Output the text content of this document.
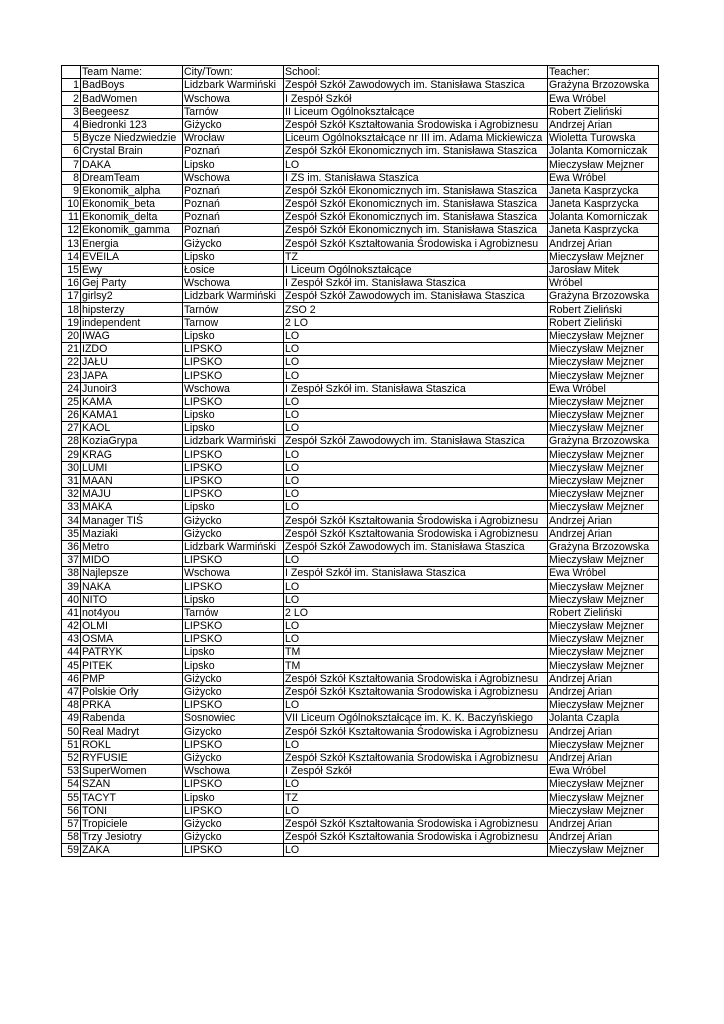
	Team Name:	City/Town:	School:	Teacher:
1	BadBoys	Lidzbark Warmiński	Zespół Szkół Zawodowych im. Stanisława Staszica	Grażyna Brzozowska
2	BadWomen	Wschowa	I Zespół Szkół	Ewa Wróbel
3	Beegeesz	Tarnów	II Liceum Ogólnokształcące	Robert Zieliński
4	Biedronki 123	Giżycko	Zespół Szkół Kształtowania Środowiska i Agrobiznesu	Andrzej Arian
5	Bycze Niedzwiedzie	Wrocław	Liceum Ogólnokształcące nr III im. Adama Mickiewicza	Wioletta Turowska
6	Crystal Brain	Poznań	Zespół Szkół Ekonomicznych im. Stanisława Staszica	Jolanta Komorniczak
7	DAKA	Lipsko	LO	Mieczysław Mejzner
8	DreamTeam	Wschowa	I ZS im. Stanisława Staszica	Ewa Wróbel
9	Ekonomik_alpha	Poznań	Zespół Szkół Ekonomicznych im. Stanisława Staszica	Janeta Kasprzycka
10	Ekonomik_beta	Poznań	Zespół Szkół Ekonomicznych im. Stanisława Staszica	Janeta Kasprzycka
11	Ekonomik_delta	Poznań	Zespół Szkół Ekonomicznych im. Stanisława Staszica	Jolanta Komorniczak
12	Ekonomik_gamma	Poznań	Zespół Szkół Ekonomicznych im. Stanisława Staszica	Janeta Kasprzycka
13	Energia	Giżycko	Zespół Szkół Kształtowania Środowiska i Agrobiznesu	Andrzej Arian
14	EVEILA	Lipsko	TZ	Mieczysław Mejzner
15	Ewy	Łosice	I Liceum Ogólnokształcące	Jarosław Mitek
16	Gej Party	Wschowa	I Zespół Szkół im. Stanisława Staszica	Wróbel
17	girlsy2	Lidzbark Warmiński	Zespół Szkół Zawodowych im. Stanisława Staszica	Grażyna Brzozowska
18	hipsterzy	Tarnów	ZSO 2	Robert Zieliński
19	independent	Tarnow	2 LO	Robert Zieliński
20	IWAG	Lipsko	LO	Mieczysław Mejzner
21	IZDO	LIPSKO	LO	Mieczysław Mejzner
22	JAŁU	LIPSKO	LO	Mieczysław Mejzner
23	JAPA	LIPSKO	LO	Mieczysław Mejzner
24	Junoir3	Wschowa	I Zespół Szkół im. Stanisława Staszica	Ewa Wróbel
25	KAMA	LIPSKO	LO	Mieczysław Mejzner
26	KAMA1	Lipsko	LO	Mieczysław Mejzner
27	KAOL	Lipsko	LO	Mieczysław Mejzner
28	KoziaGrypa	Lidzbark Warmiński	Zespół Szkół Zawodowych im. Stanisława Staszica	Grażyna Brzozowska
29	KRAG	LIPSKO	LO	Mieczysław Mejzner
30	LUMI	LIPSKO	LO	Mieczysław Mejzner
31	MAAN	LIPSKO	LO	Mieczysław Mejzner
32	MAJU	LIPSKO	LO	Mieczysław Mejzner
33	MAKA	Lipsko	LO	Mieczysław Mejzner
34	Manager TIŚ	Giżycko	Zespół Szkół Kształtowania Środowiska i Agrobiznesu	Andrzej Arian
35	Maziaki	Giżycko	Zespół Szkół Kształtowania Środowiska i Agrobiznesu	Andrzej Arian
36	Metro	Lidzbark Warmiński	Zespół Szkół Zawodowych im. Stanisława Staszica	Grażyna Brzozowska
37	MIDO	LIPSKO	LO	Mieczysław Mejzner
38	Najlepsze	Wschowa	I Zespół Szkół im. Stanisława Staszica	Ewa Wróbel
39	NAKA	LIPSKO	LO	Mieczysław Mejzner
40	NITO	Lipsko	LO	Mieczysław Mejzner
41	not4you	Tarnów	2 LO	Robert Zieliński
42	OLMI	LIPSKO	LO	Mieczysław Mejzner
43	OSMA	LIPSKO	LO	Mieczysław Mejzner
44	PATRYK	Lipsko	TM	Mieczysław Mejzner
45	PITEK	Lipsko	TM	Mieczysław Mejzner
46	PMP	Giżycko	Zespół Szkół Kształtowania Środowiska i Agrobiznesu	Andrzej Arian
47	Polskie Orły	Giżycko	Zespół Szkół Kształtowania Środowiska i Agrobiznesu	Andrzej Arian
48	PRKA	LIPSKO	LO	Mieczysław Mejzner
49	Rabenda	Sosnowiec	VII Liceum Ogólnokształcące im. K. K. Baczyńskiego	Jolanta Czapla
50	Real Madryt	Gizycko	Zespół Szkół Kształtowania Środowiska i Agrobiznesu	Andrzej Arian
51	ROKL	LIPSKO	LO	Mieczysław Mejzner
52	RYFUSIE	Giżycko	Zespół Szkół Kształtowania Środowiska i Agrobiznesu	Andrzej Arian
53	SuperWomen	Wschowa	I Zespół Szkół	Ewa Wróbel
54	SZAN	LIPSKO	LO	Mieczysław Mejzner
55	TACYT	Lipsko	TZ	Mieczysław Mejzner
56	TONI	LIPSKO	LO	Mieczysław Mejzner
57	Tropiciele	Giżycko	Zespół Szkół Kształtowania Środowiska i Agrobiznesu	Andrzej Arian
58	Trzy Jesiotry	Giżycko	Zespół Szkół Kształtowania Środowiska i Agrobiznesu	Andrzej Arian
59	ZAKA	LIPSKO	LO	Mieczysław Mejzner
